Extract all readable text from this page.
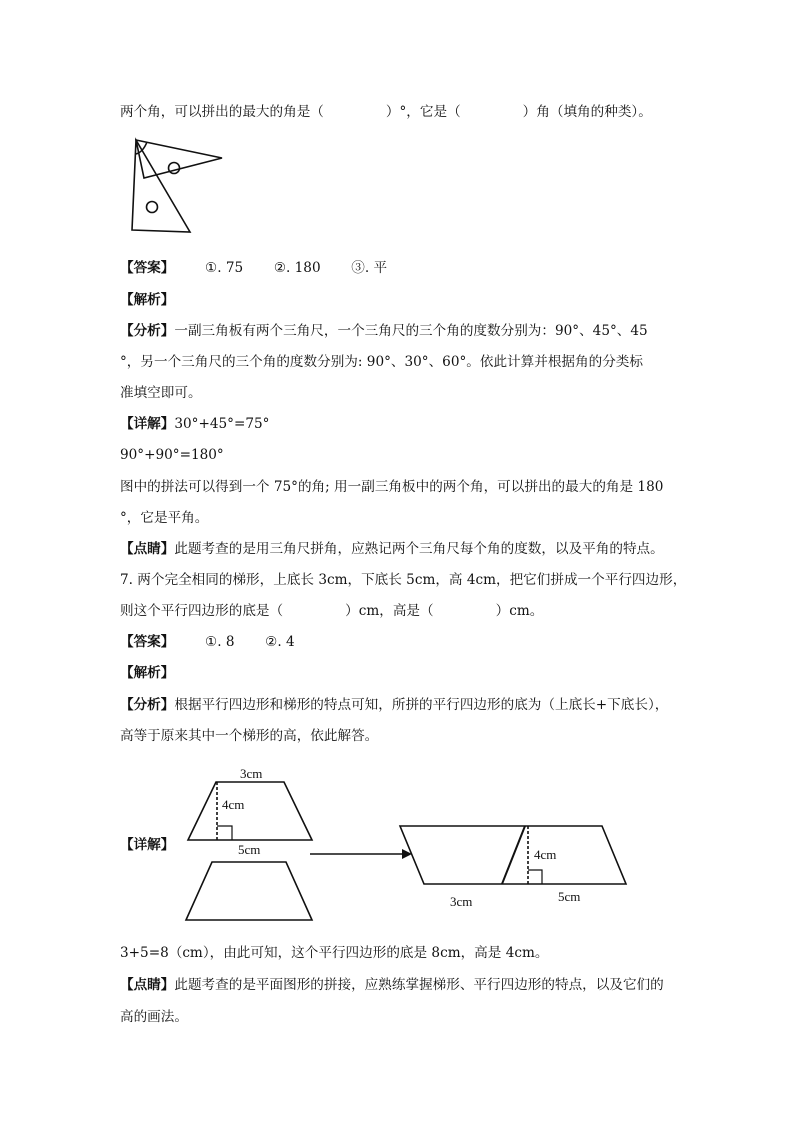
两个角，可以拼出的最大的角是（	）°，它是（	）角（填角的种类）。
【答案】 ①. 75 ②. 180 ③. 平
【解析】
【分析】一副三角板有两个三角尺，一个三角尺的三个角的度数分别为：90°、45°、45
°，另一个三角尺的三个角的度数分别为: 90°、30°、60°。依此计算并根据角的分类标
准填空即可。
【详解】30°+45°=75°
90°+90°=180°
图中的拼法可以得到一个 75°的角; 用一副三角板中的两个角，可以拼出的最大的角是 180
°，它是平角。
【点睛】此题考查的是用三角尺拼角，应熟记两个三角尺每个角的度数，以及平角的特点。
7. 两个完全相同的梯形，上底长 3cm，下底长 5cm，高 4cm，把它们拼成一个平行四边形，
则这个平行四边形的底是（	）cm，高是（	）cm。
【答案】 ①. 8 ②. 4
【解析】
【分析】根据平行四边形和梯形的特点可知，所拼的平行四边形的底为（上底长+下底长），
高等于原来其中一个梯形的高，依此解答。
【详解】
3cm
4cm
5cm	4cm
3cm	5cm
3+5=8（cm），由此可知，这个平行四边形的底是 8cm，高是 4cm。
【点睛】此题考查的是平面图形的拼接，应熟练掌握梯形、平行四边形的特点，以及它们的
高的画法。
